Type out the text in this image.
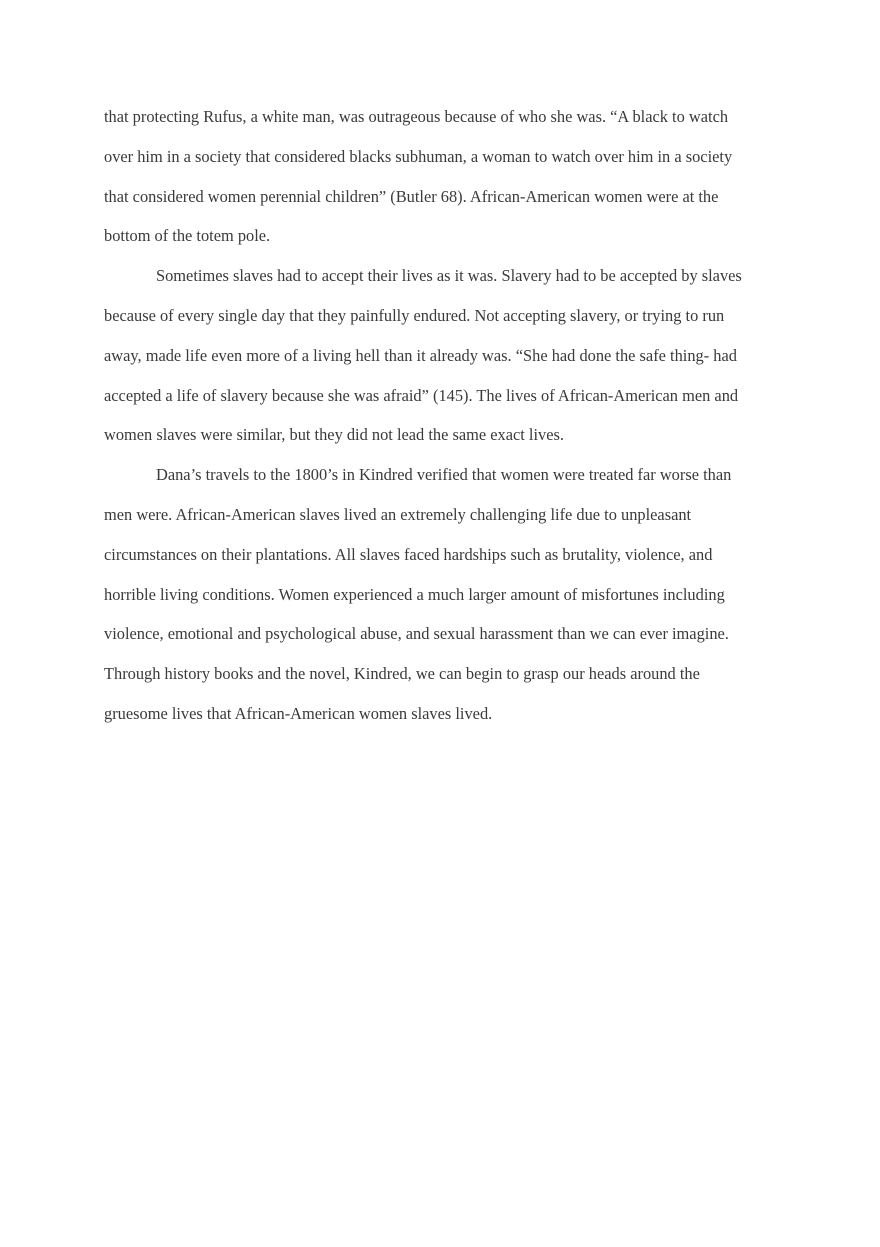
that protecting Rufus, a white man, was outrageous because of who she was. “A black to watch
over him in a society that considered blacks subhuman, a woman to watch over him in a society
that considered women perennial children” (Butler 68). African-American women were at the
bottom of the totem pole.
Sometimes slaves had to accept their lives as it was. Slavery had to be accepted by slaves
because of every single day that they painfully endured. Not accepting slavery, or trying to run
away, made life even more of a living hell than it already was. “She had done the safe thing- had
accepted a life of slavery because she was afraid” (145). The lives of African-American men and
women slaves were similar, but they did not lead the same exact lives.
Dana’s travels to the 1800’s in Kindred verified that women were treated far worse than
men were. African-American slaves lived an extremely challenging life due to unpleasant
circumstances on their plantations. All slaves faced hardships such as brutality, violence, and
horrible living conditions. Women experienced a much larger amount of misfortunes including
violence, emotional and psychological abuse, and sexual harassment than we can ever imagine.
Through history books and the novel, Kindred, we can begin to grasp our heads around the
gruesome lives that African-American women slaves lived.
